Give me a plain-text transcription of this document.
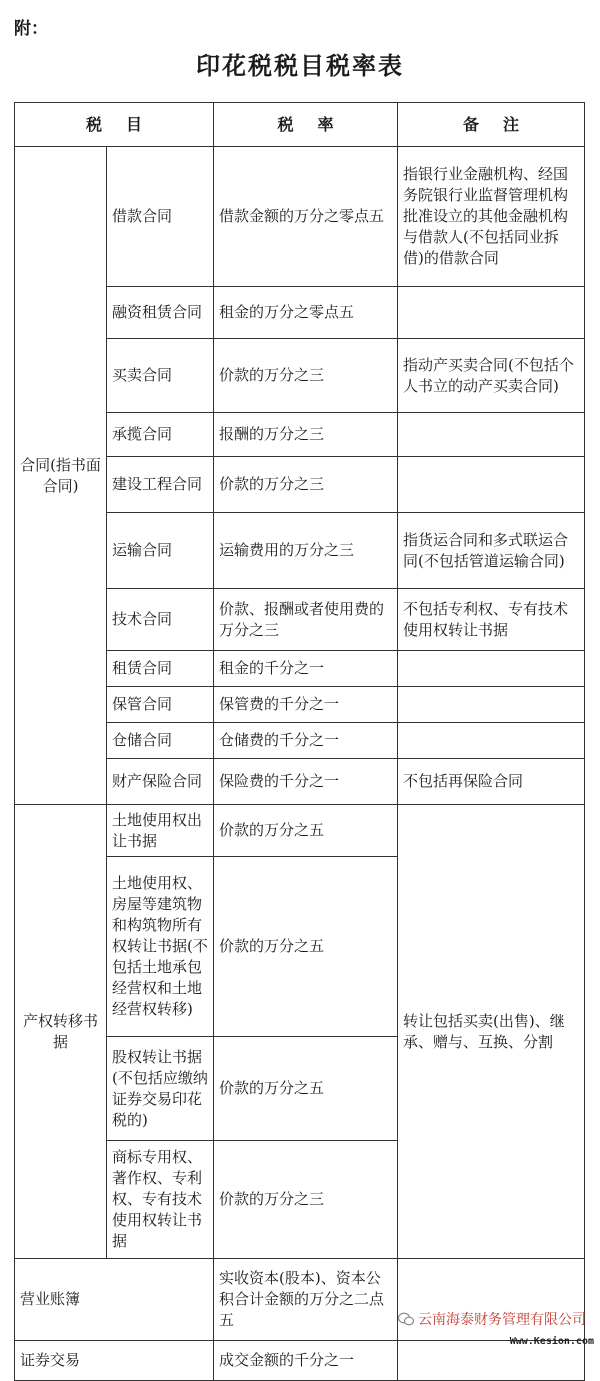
附：
印花税税目税率表
税目		税率	备注
合同(指书面合同)	借款合同	借款金额的万分之零点五	指银行业金融机构、经国务院银行业监督管理机构批准设立的其他金融机构与借款人(不包括同业拆借)的借款合同
	融资租赁合同	租金的万分之零点五	
	买卖合同	价款的万分之三	指动产买卖合同(不包括个人书立的动产买卖合同)
	承揽合同	报酬的万分之三	
	建设工程合同	价款的万分之三	
	运输合同	运输费用的万分之三	指货运合同和多式联运合同(不包括管道运输合同)
	技术合同	价款、报酬或者使用费的万分之三	不包括专利权、专有技术使用权转让书据
	租赁合同	租金的千分之一	
	保管合同	保管费的千分之一	
	仓储合同	仓储费的千分之一	
	财产保险合同	保险费的千分之一	不包括再保险合同
产权转移书据	土地使用权出让书据	价款的万分之五	转让包括买卖(出售)、继承、赠与、互换、分割
	土地使用权、房屋等建筑物和构筑物所有权转让书据(不包括土地承包经营权和土地经营权转移)	价款的万分之五	
	股权转让书据(不包括应缴纳证券交易印花税的)	价款的万分之五	
	商标专用权、著作权、专利权、专有技术使用权转让书据	价款的万分之三	
营业账簿		实收资本(股本)、资本公积合计金额的万分之二点五	
证券交易		成交金额的千分之一	
云南海泰财务管理有限公司
Www.Kesion.com
